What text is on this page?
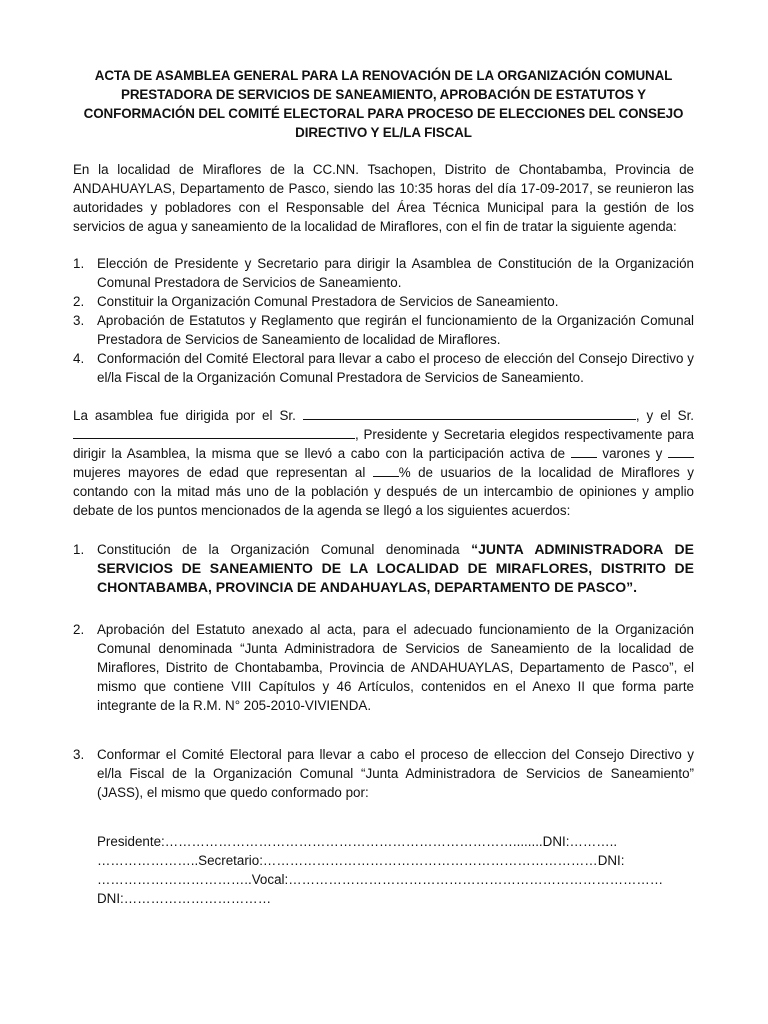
ACTA DE ASAMBLEA GENERAL PARA LA RENOVACIÓN DE LA ORGANIZACIÓN COMUNAL PRESTADORA DE SERVICIOS DE SANEAMIENTO, APROBACIÓN DE ESTATUTOS Y CONFORMACIÓN DEL COMITÉ ELECTORAL PARA PROCESO DE ELECCIONES DEL CONSEJO DIRECTIVO Y EL/LA FISCAL

En la localidad de Miraflores de la CC.NN. Tsachopen, Distrito de Chontabamba, Provincia de ANDAHUAYLAS, Departamento de Pasco, siendo las 10:35 horas del día 17-09-2017, se reunieron las autoridades y pobladores con el Responsable del Área Técnica Municipal para la gestión de los servicios de agua y saneamiento de la localidad de Miraflores, con el fin de tratar la siguiente agenda:

1. Elección de Presidente y Secretario para dirigir la Asamblea de Constitución de la Organización Comunal Prestadora de Servicios de Saneamiento.
2. Constituir la Organización Comunal Prestadora de Servicios de Saneamiento.
3. Aprobación de Estatutos y Reglamento que regirán el funcionamiento de la Organización Comunal Prestadora de Servicios de Saneamiento de localidad de Miraflores.
4. Conformación del Comité Electoral para llevar a cabo el proceso de elección del Consejo Directivo y el/la Fiscal de la Organización Comunal Prestadora de Servicios de Saneamiento.

La asamblea fue dirigida por el Sr.	, y el Sr. , Presidente y Secretaria elegidos respectivamente para dirigir la Asamblea, la misma que se llevó a cabo con la participación activa de  varones y  mujeres mayores de edad que representan al % de usuarios de la localidad de Miraflores y contando con la mitad más uno de la población y después de un intercambio de opiniones y amplio debate de los puntos mencionados de la agenda se llegó a los siguientes acuerdos:

1. Constitución de la Organización Comunal denominada “JUNTA ADMINISTRADORA DE SERVICIOS DE SANEAMIENTO DE LA LOCALIDAD DE MIRAFLORES, DISTRITO DE CHONTABAMBA, PROVINCIA DE ANDAHUAYLAS, DEPARTAMENTO DE PASCO”.
2. Aprobación del Estatuto anexado al acta, para el adecuado funcionamiento de la Organización Comunal denominada “Junta Administradora de Servicios de Saneamiento de la localidad de Miraflores, Distrito de Chontabamba, Provincia de ANDAHUAYLAS, Departamento de Pasco”, el mismo que contiene VIII Capítulos y 46 Artículos, contenidos en el Anexo II que forma parte integrante de la R.M. N° 205-2010-VIVIENDA.
3. Conformar el Comité Electoral para llevar a cabo el proceso de elleccion del Consejo Directivo y el/la Fiscal de la Organización Comunal “Junta Administradora de Servicios de Saneamiento” (JASS), el mismo que quedo conformado por:
Presidente:……………………………………………………………………........DNI:………..
…………………..Secretario:…………………………………………………………………DNI:
……………………………..Vocal:…………………………………………………………………………
DNI:……………………………
